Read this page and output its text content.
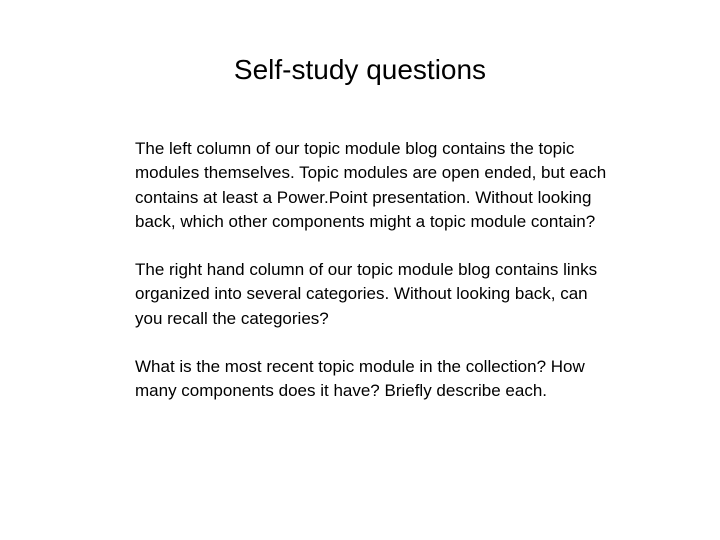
Self-study questions

The left column of our topic module blog contains the topic modules themselves. Topic modules are open ended, but each contains at least a Power.Point presentation. Without looking back, which other components might a topic module contain?

The right hand column of our topic module blog contains links organized into several categories. Without looking back, can you recall the categories?

What is the most recent topic module in the collection? How many components does it have? Briefly describe each.
